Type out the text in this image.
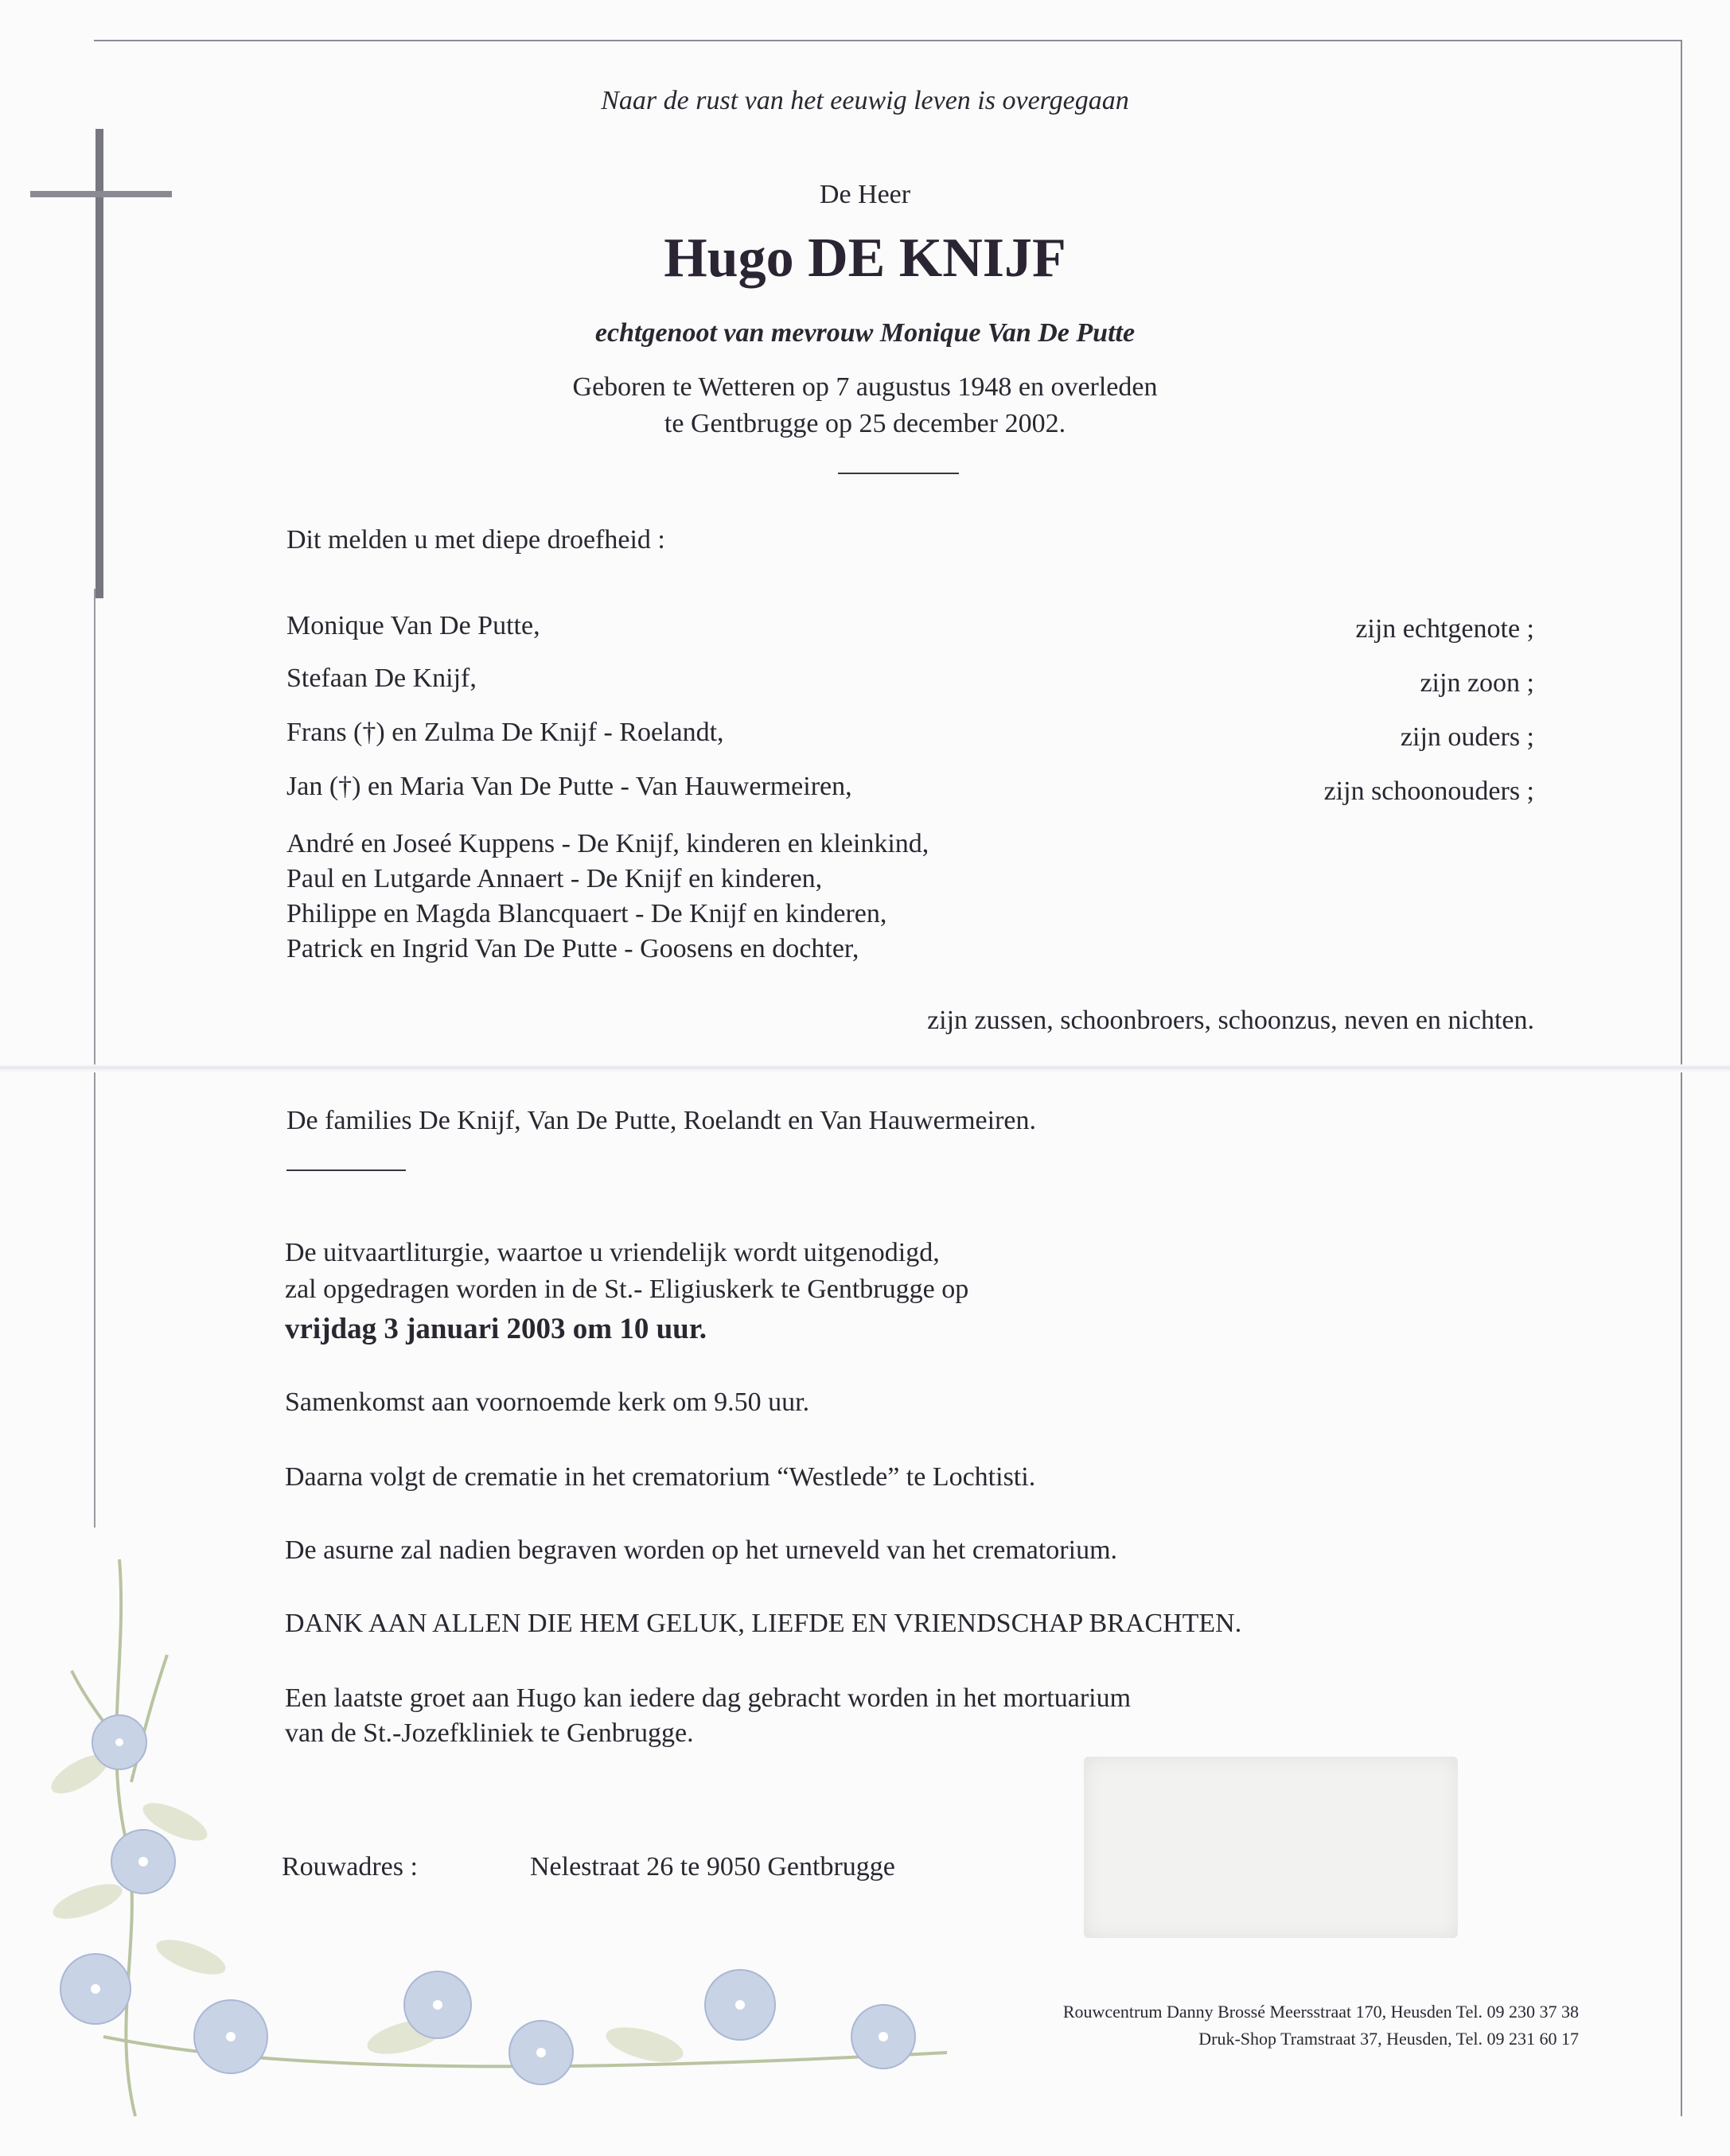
Naar de rust van het eeuwig leven is overgegaan
De Heer
Hugo DE KNIJF
echtgenoot van mevrouw Monique Van De Putte
Geboren te Wetteren op 7 augustus 1948 en overleden
te Gentbrugge op 25 december 2002.
Dit melden u met diepe droefheid :
Monique Van De Putte,	zijn echtgenote ;
Stefaan De Knijf,	zijn zoon ;
Frans (†) en Zulma De Knijf - Roelandt,	zijn ouders ;
Jan (†) en Maria Van De Putte - Van Hauwermeiren,	zijn schoonouders ;
André en Joseé Kuppens - De Knijf, kinderen en kleinkind,
Paul en Lutgarde Annaert - De Knijf en kinderen,
Philippe en Magda Blancquaert - De Knijf en kinderen,
Patrick en Ingrid Van De Putte - Goosens en dochter,
zijn zussen, schoonbroers, schoonzus, neven en nichten.
De families De Knijf, Van De Putte, Roelandt en Van Hauwermeiren.
De uitvaartliturgie, waartoe u vriendelijk wordt uitgenodigd,
zal opgedragen worden in de St.- Eligiuskerk te Gentbrugge op
vrijdag 3 januari 2003 om 10 uur.
Samenkomst aan voornoemde kerk om 9.50 uur.
Daarna volgt de crematie in het crematorium “Westlede” te Lochtisti.
De asurne zal nadien begraven worden op het urneveld van het crematorium.
DANK AAN ALLEN DIE HEM GELUK, LIEFDE EN VRIENDSCHAP BRACHTEN.
Een laatste groet aan Hugo kan iedere dag gebracht worden in het mortuarium
van de St.-Jozefkliniek te Genbrugge.
Rouwadres :	Nelestraat 26 te 9050 Gentbrugge
Rouwcentrum Danny Brossé Meersstraat 170, Heusden Tel. 09 230 37 38
Druk-Shop Tramstraat 37, Heusden, Tel. 09 231 60 17
